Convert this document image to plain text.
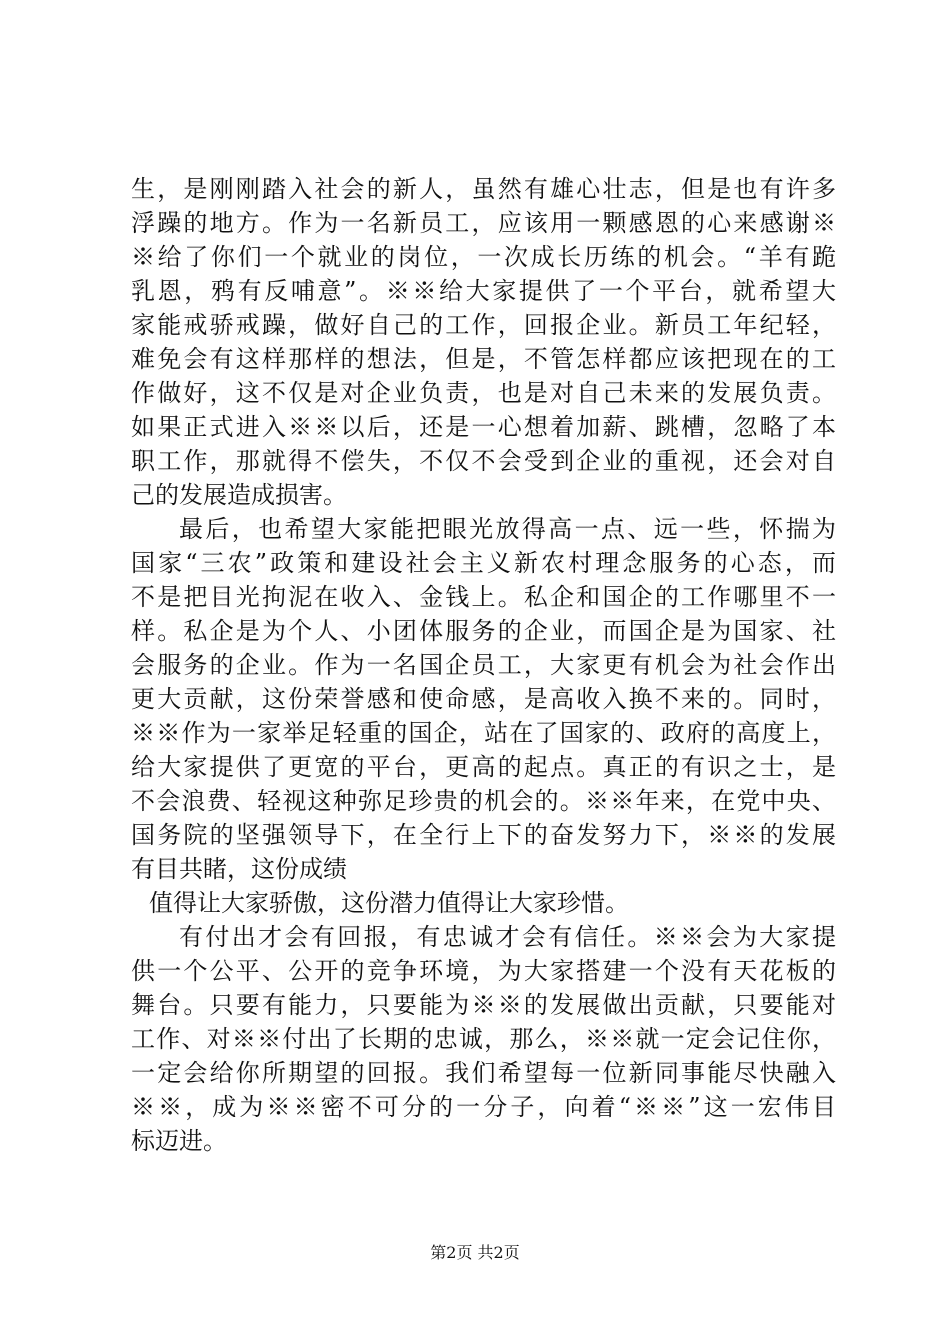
生，是刚刚踏入社会的新人，虽然有雄心壮志，但是也有许多
浮躁的地方。作为一名新员工，应该用一颗感恩的心来感谢※
※给了你们一个就业的岗位，一次成长历练的机会。“羊有跪
乳恩，鸦有反哺意”。※※给大家提供了一个平台，就希望大
家能戒骄戒躁，做好自己的工作，回报企业。新员工年纪轻，
难免会有这样那样的想法，但是，不管怎样都应该把现在的工
作做好，这不仅是对企业负责，也是对自己未来的发展负责。
如果正式进入※※以后，还是一心想着加薪、跳槽，忽略了本
职工作，那就得不偿失，不仅不会受到企业的重视，还会对自
己的发展造成损害。
最后，也希望大家能把眼光放得高一点、远一些，怀揣为
国家“三农”政策和建设社会主义新农村理念服务的心态，而
不是把目光拘泥在收入、金钱上。私企和国企的工作哪里不一
样。私企是为个人、小团体服务的企业，而国企是为国家、社
会服务的企业。作为一名国企员工，大家更有机会为社会作出
更大贡献，这份荣誉感和使命感，是高收入换不来的。同时，
※※作为一家举足轻重的国企，站在了国家的、政府的高度上，
给大家提供了更宽的平台，更高的起点。真正的有识之士，是
不会浪费、轻视这种弥足珍贵的机会的。※※年来，在党中央、
国务院的坚强领导下，在全行上下的奋发努力下，※※的发展
有目共睹，这份成绩
值得让大家骄傲，这份潜力值得让大家珍惜。
有付出才会有回报，有忠诚才会有信任。※※会为大家提
供一个公平、公开的竞争环境，为大家搭建一个没有天花板的
舞台。只要有能力，只要能为※※的发展做出贡献，只要能对
工作、对※※付出了长期的忠诚，那么，※※就一定会记住你，
一定会给你所期望的回报。我们希望每一位新同事能尽快融入
※※，成为※※密不可分的一分子，向着“※※”这一宏伟目
标迈进。
第2页 共2页
